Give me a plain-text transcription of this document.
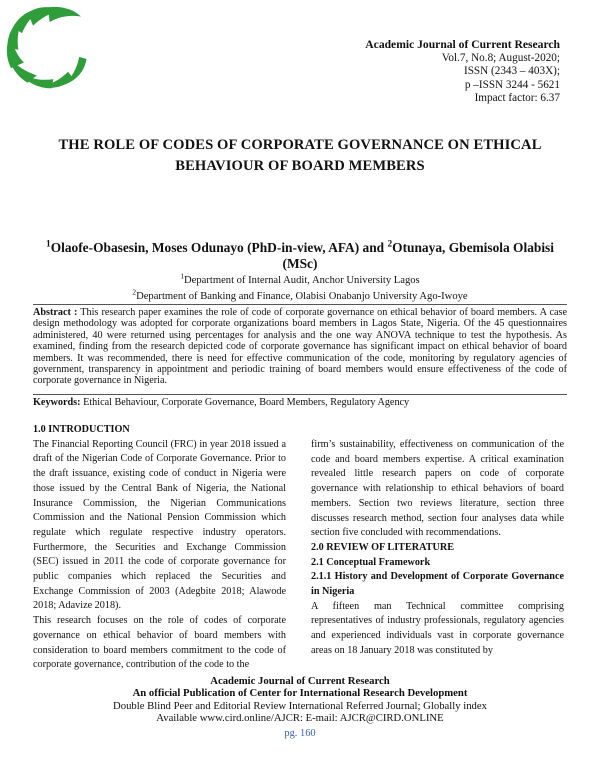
Academic Journal of Current Research
Vol.7, No.8; August-2020;
ISSN (2343 – 403X);
p –ISSN 3244 - 5621
Impact factor: 6.37
THE ROLE OF CODES OF CORPORATE GOVERNANCE ON ETHICAL
BEHAVIOUR OF BOARD MEMBERS
$^1$Olaofe-Obasesin, Moses Odunayo (PhD-in-view, AFA) and $^2$Otunaya, Gbemisola Olabisi
(MSc)
$^1$Department of Internal Audit, Anchor University Lagos
$^2$Department of Banking and Finance, Olabisi Onabanjo University Ago-Iwoye
Abstract : This research paper examines the role of code of corporate governance on ethical behavior of board members. A case design methodology was adopted for corporate organizations board members in Lagos State, Nigeria. Of the 45 questionnaires administered, 40 were returned using percentages for analysis and the one way ANOVA technique to test the hypothesis. As examined, finding from the research depicted code of corporate governance has significant impact on ethical behavior of board members. It was recommended, there is need for effective communication of the code, monitoring by regulatory agencies of government, transparency in appointment and periodic training of board members would ensure effectiveness of the code of corporate governance in Nigeria.
Keywords: Ethical Behaviour, Corporate Governance, Board Members, Regulatory Agency

1.0 INTRODUCTION

The Financial Reporting Council (FRC) in year 2018 issued a draft of the Nigerian Code of Corporate Governance. Prior to the draft issuance, existing code of conduct in Nigeria were those issued by the Central Bank of Nigeria, the National Insurance Commission, the Nigerian Communications Commission and the National Pension Commission which regulate which regulate respective industry operators. Furthermore, the Securities and Exchange Commission (SEC) issued in 2011 the code of corporate governance for public companies which replaced the Securities and Exchange Commission of 2003 (Adegbite 2018; Alawode 2018; Adavize 2018).

This research focuses on the role of codes of corporate governance on ethical behavior of board members with consideration to board members commitment to the code of corporate governance, contribution of the code to the

firm’s sustainability, effectiveness on communication of the code and board members expertise. A critical examination revealed little research papers on code of corporate governance with relationship to ethical behaviors of board members. Section two reviews literature, section three discusses research method, section four analyses data while section five concluded with recommendations.

2.0 REVIEW OF LITERATURE

2.1 Conceptual Framework

2.1.1 History and Development of Corporate Governance in Nigeria

A fifteen man Technical committee comprising representatives of industry professionals, regulatory agencies and experienced individuals vast in corporate governance areas on 18 January 2018 was constituted by

Academic Journal of Current Research
An official Publication of Center for International Research Development
Double Blind Peer and Editorial Review International Referred Journal; Globally index
Available www.cird.online/AJCR: E-mail: AJCR@CIRD.ONLINE
pg. 160
